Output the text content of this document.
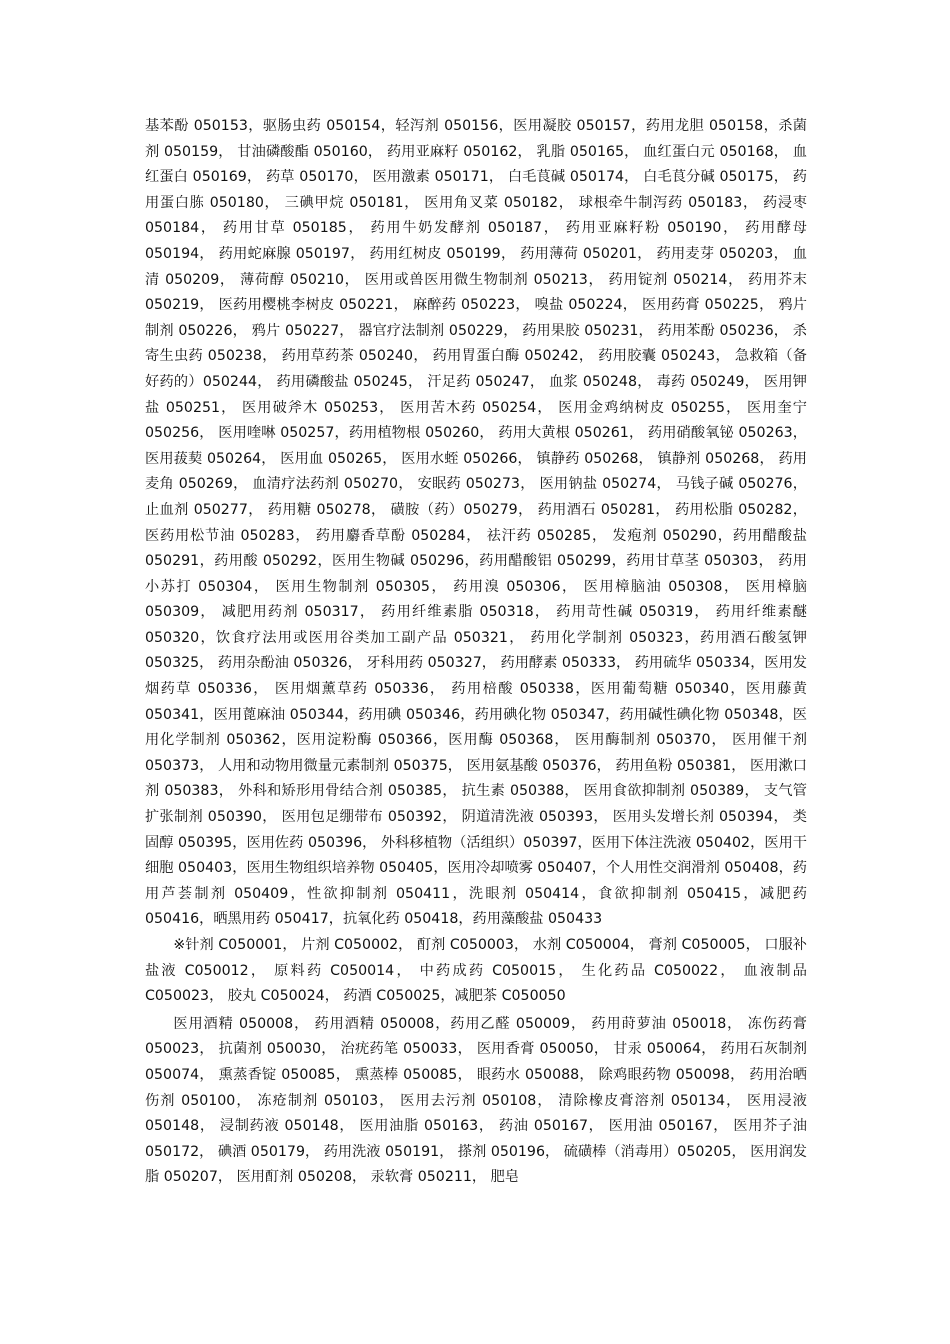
基苯酚 050153，驱肠虫药 050154，轻泻剂 050156，医用凝胶 050157，药用龙胆 050158，杀菌剂 050159， 甘油磷酸酯 050160， 药用亚麻籽 050162， 乳脂 050165， 血红蛋白元 050168， 血红蛋白 050169， 药草 050170， 医用激素 050171， 白毛茛碱 050174， 白毛茛分碱 050175， 药用蛋白胨 050180， 三碘甲烷 050181， 医用角叉菜 050182， 球根牵牛制泻药 050183， 药浸枣 050184， 药用甘草 050185， 药用牛奶发酵剂 050187， 药用亚麻籽粉 050190， 药用酵母 050194， 药用蛇麻腺 050197， 药用红树皮 050199， 药用薄荷 050201， 药用麦芽 050203， 血清 050209， 薄荷醇 050210， 医用或兽医用微生物制剂 050213， 药用锭剂 050214， 药用芥末 050219， 医药用樱桃李树皮 050221， 麻醉药 050223， 嗅盐 050224， 医用药膏 050225， 鸦片制剂 050226， 鸦片 050227， 器官疗法制剂 050229， 药用果胶 050231， 药用苯酚 050236， 杀寄生虫药 050238， 药用草药茶 050240， 药用胃蛋白酶 050242， 药用胶囊 050243， 急救箱（备好药的）050244， 药用磷酸盐 050245， 汗足药 050247， 血浆 050248， 毒药 050249， 医用钾盐 050251， 医用破斧木 050253， 医用苦木药 050254， 医用金鸡纳树皮 050255， 医用奎宁 050256， 医用喹啉 050257，药用植物根 050260， 药用大黄根 050261， 药用硝酸氧铋 050263，医用菝葜 050264， 医用血 050265， 医用水蛭 050266， 镇静药 050268， 镇静剂 050268， 药用麦角 050269， 血清疗法药剂 050270， 安眠药 050273， 医用钠盐 050274， 马钱子碱 050276， 止血剂 050277， 药用糖 050278， 磺胺（药）050279， 药用酒石 050281， 药用松脂 050282， 医药用松节油 050283， 药用麝香草酚 050284， 祛汗药 050285， 发疱剂 050290，药用醋酸盐 050291，药用酸 050292，医用生物碱 050296，药用醋酸铝 050299，药用甘草茎 050303， 药用小苏打 050304， 医用生物制剂 050305， 药用溴 050306， 医用樟脑油 050308， 医用樟脑 050309， 减肥用药剂 050317， 药用纤维素脂 050318， 药用苛性碱 050319， 药用纤维素醚 050320，饮食疗法用或医用谷类加工副产品 050321， 药用化学制剂 050323，药用酒石酸氢钾 050325， 药用杂酚油 050326， 牙科用药 050327， 药用酵素 050333， 药用硫华 050334，医用发烟药草 050336， 医用烟薰草药 050336， 药用棓酸 050338，医用葡萄糖 050340，医用藤黄 050341，医用蓖麻油 050344，药用碘 050346，药用碘化物 050347，药用碱性碘化物 050348，医用化学制剂 050362，医用淀粉酶 050366，医用酶 050368， 医用酶制剂 050370， 医用催干剂 050373， 人用和动物用微量元素制剂 050375， 医用氨基酸 050376， 药用鱼粉 050381， 医用漱口剂 050383， 外科和矫形用骨结合剂 050385， 抗生素 050388， 医用食欲抑制剂 050389， 支气管扩张制剂 050390， 医用包足绷带布 050392， 阴道清洗液 050393， 医用头发增长剂 050394， 类固醇 050395，医用佐药 050396， 外科移植物（活组织）050397，医用下体注洗液 050402，医用干细胞 050403，医用生物组织培养物 050405，医用冷却喷雾 050407，个人用性交润滑剂 050408，药用芦荟制剂 050409，性欲抑制剂 050411，洗眼剂 050414，食欲抑制剂 050415，减肥药 050416，晒黑用药 050417，抗氧化药 050418，药用藻酸盐 050433

※针剂 C050001， 片剂 C050002， 酊剂 C050003， 水剂 C050004， 膏剂 C050005， 口服补盐液 C050012， 原料药 C050014， 中药成药 C050015， 生化药品 C050022， 血液制品 C050023， 胶丸 C050024， 药酒 C050025，减肥茶 C050050

医用酒精 050008， 药用酒精 050008，药用乙醛 050009， 药用莳萝油 050018， 冻伤药膏 050023， 抗菌剂 050030， 治疣药笔 050033， 医用香膏 050050， 甘汞 050064， 药用石灰制剂 050074， 熏蒸香锭 050085， 熏蒸棒 050085， 眼药水 050088， 除鸡眼药物 050098， 药用治晒伤剂 050100， 冻疮制剂 050103， 医用去污剂 050108， 清除橡皮膏溶剂 050134， 医用浸液 050148， 浸制药液 050148， 医用油脂 050163， 药油 050167， 医用油 050167， 医用芥子油 050172， 碘酒 050179， 药用洗液 050191， 搽剂 050196， 硫磺棒（消毒用）050205， 医用润发脂 050207， 医用酊剂 050208， 汞软膏 050211， 肥皂
